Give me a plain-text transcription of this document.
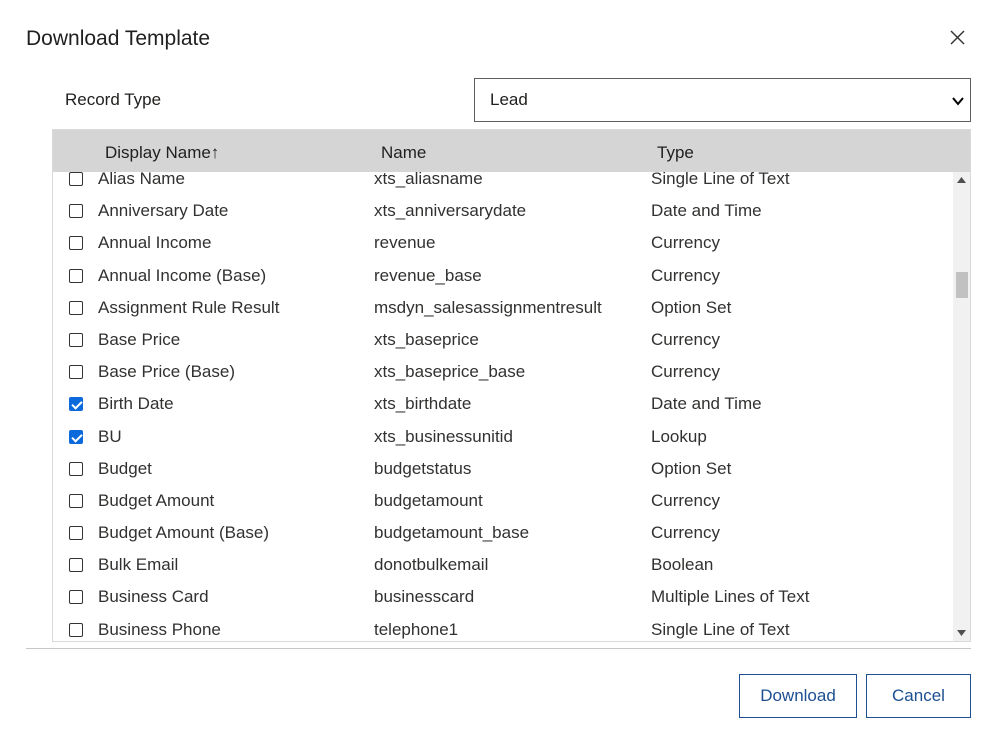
Download Template
Record Type	Lead
Display Name↑	Name	Type
Alias Name	xts_aliasname	Single Line of Text
Anniversary Date	xts_anniversarydate	Date and Time
Annual Income	revenue	Currency
Annual Income (Base)	revenue_base	Currency
Assignment Rule Result	msdyn_salesassignmentresult	Option Set
Base Price	xts_baseprice	Currency
Base Price (Base)	xts_baseprice_base	Currency
Birth Date	xts_birthdate	Date and Time
BU	xts_businessunitid	Lookup
Budget	budgetstatus	Option Set
Budget Amount	budgetamount	Currency
Budget Amount (Base)	budgetamount_base	Currency
Bulk Email	donotbulkemail	Boolean
Business Card	businesscard	Multiple Lines of Text
Business Phone	telephone1	Single Line of Text
Download	Cancel
